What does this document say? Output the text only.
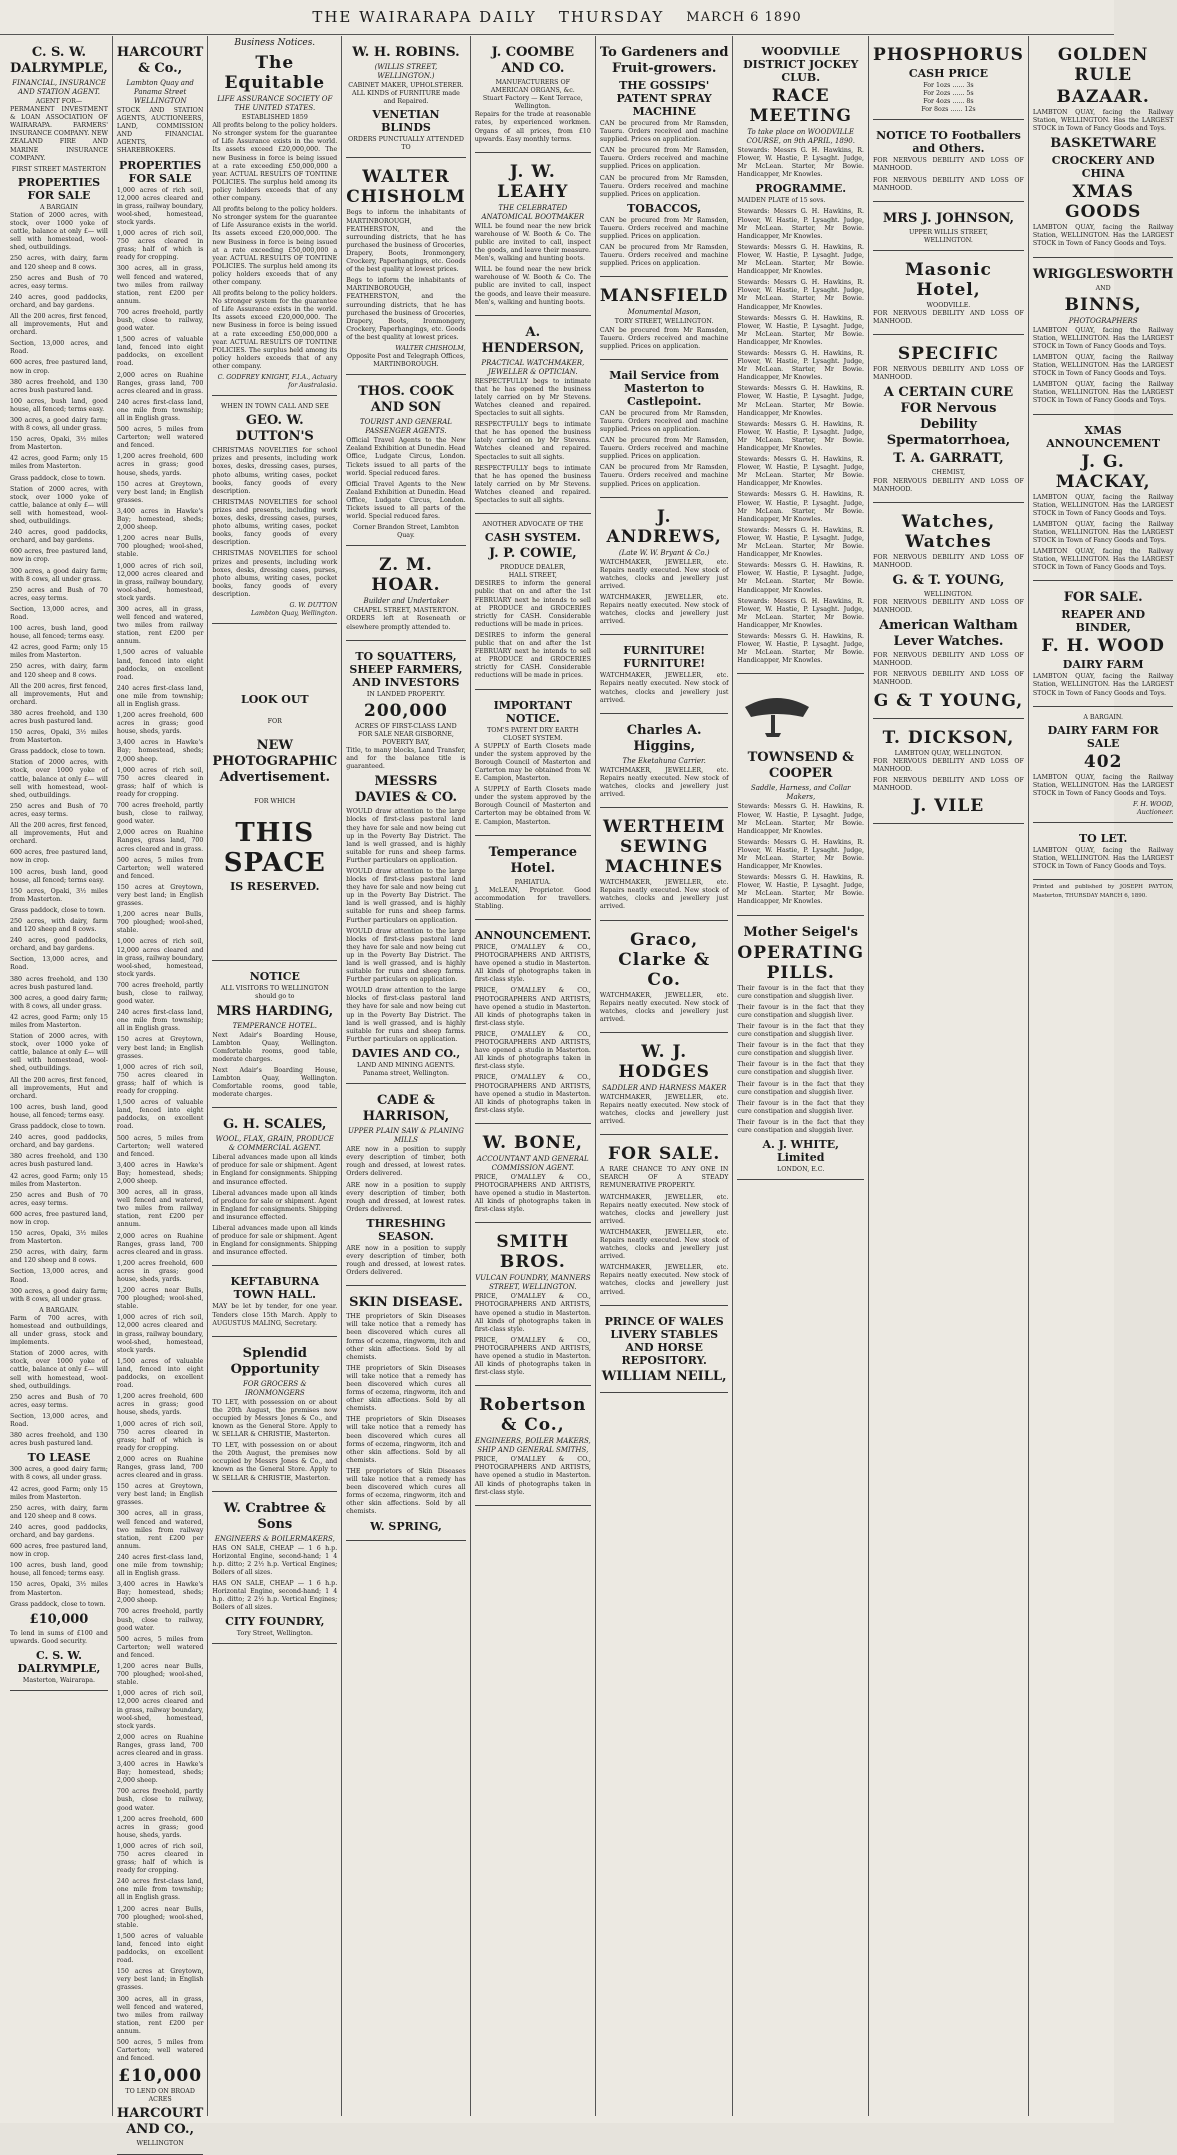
THE WAIRARAPA DAILY THURSDAY MARCH 6 1890
C. S. W. DALRYMPLE,
FINANCIAL, INSURANCE AND STATION AGENT.
AGENT FOR—

PERMANENT INVESTMENT & LOAN ASSOCIATION OF WAIRARAPA. FARMERS' INSURANCE COMPANY. NEW ZEALAND FIRE AND MARINE INSURANCE COMPANY.

FIRST STREET MASTERTON
PROPERTIES FOR SALE
A BARGAIN

Station of 2000 acres, with stock, over 1000 yoke of cattle, balance at only £— will sell with homestead, wool-shed, outbuildings.

250 acres, with dairy, farm and 120 sheep and 8 cows.

250 acres and Bush of 70 acres, easy terms.

240 acres, good paddocks, orchard, and bay gardens.

All the 200 acres, first fenced, all improvements, Hut and orchard.

Section, 13,000 acres, and Road.

600 acres, free pastured land, now in crop.

380 acres freehold, and 130 acres bush pastured land.

100 acres, bush land, good house, all fenced; terms easy.

300 acres, a good dairy farm; with 8 cows, all under grass.

150 acres, Opaki, 3½ miles from Masterton.

42 acres, good Farm; only 15 miles from Masterton.

Grass paddock, close to town.

Station of 2000 acres, with stock, over 1000 yoke of cattle, balance at only £— will sell with homestead, wool-shed, outbuildings.

240 acres, good paddocks, orchard, and bay gardens.

600 acres, free pastured land, now in crop.

300 acres, a good dairy farm; with 8 cows, all under grass.

250 acres and Bush of 70 acres, easy terms.

Section, 13,000 acres, and Road.

100 acres, bush land, good house, all fenced; terms easy.

42 acres, good Farm; only 15 miles from Masterton.

250 acres, with dairy, farm and 120 sheep and 8 cows.

All the 200 acres, first fenced, all improvements, Hut and orchard.

380 acres freehold, and 130 acres bush pastured land.

150 acres, Opaki, 3½ miles from Masterton.

Grass paddock, close to town.

Station of 2000 acres, with stock, over 1000 yoke of cattle, balance at only £— will sell with homestead, wool-shed, outbuildings.

250 acres and Bush of 70 acres, easy terms.

All the 200 acres, first fenced, all improvements, Hut and orchard.

600 acres, free pastured land, now in crop.

100 acres, bush land, good house, all fenced; terms easy.

150 acres, Opaki, 3½ miles from Masterton.

Grass paddock, close to town.

250 acres, with dairy, farm and 120 sheep and 8 cows.

240 acres, good paddocks, orchard, and bay gardens.

Section, 13,000 acres, and Road.

380 acres freehold, and 130 acres bush pastured land.

300 acres, a good dairy farm; with 8 cows, all under grass.

42 acres, good Farm; only 15 miles from Masterton.

Station of 2000 acres, with stock, over 1000 yoke of cattle, balance at only £— will sell with homestead, wool-shed, outbuildings.

All the 200 acres, first fenced, all improvements, Hut and orchard.

100 acres, bush land, good house, all fenced; terms easy.

Grass paddock, close to town.

240 acres, good paddocks, orchard, and bay gardens.

380 acres freehold, and 130 acres bush pastured land.

42 acres, good Farm; only 15 miles from Masterton.

250 acres and Bush of 70 acres, easy terms.

600 acres, free pastured land, now in crop.

150 acres, Opaki, 3½ miles from Masterton.

250 acres, with dairy, farm and 120 sheep and 8 cows.

Section, 13,000 acres, and Road.

300 acres, a good dairy farm; with 8 cows, all under grass.

A BARGAIN.

Farm of 700 acres, with homestead and outbuildings, all under grass, stock and implements.

Station of 2000 acres, with stock, over 1000 yoke of cattle, balance at only £— will sell with homestead, wool-shed, outbuildings.

250 acres and Bush of 70 acres, easy terms.

Section, 13,000 acres, and Road.

380 acres freehold, and 130 acres bush pastured land.

TO LEASE

300 acres, a good dairy farm; with 8 cows, all under grass.

42 acres, good Farm; only 15 miles from Masterton.

250 acres, with dairy, farm and 120 sheep and 8 cows.

240 acres, good paddocks, orchard, and bay gardens.

600 acres, free pastured land, now in crop.

100 acres, bush land, good house, all fenced; terms easy.

150 acres, Opaki, 3½ miles from Masterton.

Grass paddock, close to town.

£10,000

To lend in sums of £100 and upwards. Good security.

C. S. W. DALRYMPLE,
Masterton, Wairarapa.
HARCOURT & Co.,
Lambton Quay and Panama Street WELLINGTON

STOCK AND STATION AGENTS, AUCTIONEERS, LAND, COMMISSION AND FINANCIAL AGENTS, SHAREBROKERS.

PROPERTIES FOR SALE

1,000 acres of rich soil, 12,000 acres cleared and in grass, railway boundary, wool-shed, homestead, stock yards.

1,000 acres of rich soil, 750 acres cleared in grass; half of which is ready for cropping.

300 acres, all in grass, well fenced and watered, two miles from railway station, rent £200 per annum.

700 acres freehold, partly bush, close to railway, good water.

1,500 acres of valuable land, fenced into eight paddocks, on excellent road.

2,000 acres on Ruahine Ranges, grass land, 700 acres cleared and in grass.

240 acres first-class land, one mile from township; all in English grass.

500 acres, 5 miles from Carterton; well watered and fenced.

1,200 acres freehold, 600 acres in grass; good house, sheds, yards.

150 acres at Greytown, very best land; in English grasses.

3,400 acres in Hawke's Bay; homestead, sheds; 2,000 sheep.

1,200 acres near Bulls, 700 ploughed; wool-shed, stable.

1,000 acres of rich soil, 12,000 acres cleared and in grass, railway boundary, wool-shed, homestead, stock yards.

300 acres, all in grass, well fenced and watered, two miles from railway station, rent £200 per annum.

1,500 acres of valuable land, fenced into eight paddocks, on excellent road.

240 acres first-class land, one mile from township; all in English grass.

1,200 acres freehold, 600 acres in grass; good house, sheds, yards.

3,400 acres in Hawke's Bay; homestead, sheds; 2,000 sheep.

1,000 acres of rich soil, 750 acres cleared in grass; half of which is ready for cropping.

700 acres freehold, partly bush, close to railway, good water.

2,000 acres on Ruahine Ranges, grass land, 700 acres cleared and in grass.

500 acres, 5 miles from Carterton; well watered and fenced.

150 acres at Greytown, very best land; in English grasses.

1,200 acres near Bulls, 700 ploughed; wool-shed, stable.

1,000 acres of rich soil, 12,000 acres cleared and in grass, railway boundary, wool-shed, homestead, stock yards.

700 acres freehold, partly bush, close to railway, good water.

240 acres first-class land, one mile from township; all in English grass.

150 acres at Greytown, very best land; in English grasses.

1,000 acres of rich soil, 750 acres cleared in grass; half of which is ready for cropping.

1,500 acres of valuable land, fenced into eight paddocks, on excellent road.

500 acres, 5 miles from Carterton; well watered and fenced.

3,400 acres in Hawke's Bay; homestead, sheds; 2,000 sheep.

300 acres, all in grass, well fenced and watered, two miles from railway station, rent £200 per annum.

2,000 acres on Ruahine Ranges, grass land, 700 acres cleared and in grass.

1,200 acres freehold, 600 acres in grass; good house, sheds, yards.

1,200 acres near Bulls, 700 ploughed; wool-shed, stable.

1,000 acres of rich soil, 12,000 acres cleared and in grass, railway boundary, wool-shed, homestead, stock yards.

1,500 acres of valuable land, fenced into eight paddocks, on excellent road.

1,200 acres freehold, 600 acres in grass; good house, sheds, yards.

1,000 acres of rich soil, 750 acres cleared in grass; half of which is ready for cropping.

2,000 acres on Ruahine Ranges, grass land, 700 acres cleared and in grass.

150 acres at Greytown, very best land; in English grasses.

300 acres, all in grass, well fenced and watered, two miles from railway station, rent £200 per annum.

240 acres first-class land, one mile from township; all in English grass.

3,400 acres in Hawke's Bay; homestead, sheds; 2,000 sheep.

700 acres freehold, partly bush, close to railway, good water.

500 acres, 5 miles from Carterton; well watered and fenced.

1,200 acres near Bulls, 700 ploughed; wool-shed, stable.

1,000 acres of rich soil, 12,000 acres cleared and in grass, railway boundary, wool-shed, homestead, stock yards.

2,000 acres on Ruahine Ranges, grass land, 700 acres cleared and in grass.

3,400 acres in Hawke's Bay; homestead, sheds; 2,000 sheep.

700 acres freehold, partly bush, close to railway, good water.

1,200 acres freehold, 600 acres in grass; good house, sheds, yards.

1,000 acres of rich soil, 750 acres cleared in grass; half of which is ready for cropping.

240 acres first-class land, one mile from township; all in English grass.

1,200 acres near Bulls, 700 ploughed; wool-shed, stable.

1,500 acres of valuable land, fenced into eight paddocks, on excellent road.

150 acres at Greytown, very best land; in English grasses.

300 acres, all in grass, well fenced and watered, two miles from railway station, rent £200 per annum.

500 acres, 5 miles from Carterton; well watered and fenced.

£10,000
TO LEND ON BROAD ACRES
HARCOURT AND CO.,
WELLINGTON
Business Notices.
The Equitable
LIFE ASSURANCE SOCIETY OF THE UNITED STATES.
ESTABLISHED 1859

All profits belong to the policy holders. No stronger system for the guarantee of Life Assurance exists in the world. Its assets exceed £20,000,000. The new Business in force is being issued at a rate exceeding £50,000,000 a year. ACTUAL RESULTS OF TONTINE POLICIES. The surplus held among its policy holders exceeds that of any other company.

All profits belong to the policy holders. No stronger system for the guarantee of Life Assurance exists in the world. Its assets exceed £20,000,000. The new Business in force is being issued at a rate exceeding £50,000,000 a year. ACTUAL RESULTS OF TONTINE POLICIES. The surplus held among its policy holders exceeds that of any other company.

All profits belong to the policy holders. No stronger system for the guarantee of Life Assurance exists in the world. Its assets exceed £20,000,000. The new Business in force is being issued at a rate exceeding £50,000,000 a year. ACTUAL RESULTS OF TONTINE POLICIES. The surplus held among its policy holders exceeds that of any other company.

C. GODFREY KNIGHT, F.I.A., Actuary for Australasia.
WHEN IN TOWN CALL AND SEE
GEO. W. DUTTON'S

CHRISTMAS NOVELTIES for school prizes and presents, including work boxes, desks, dressing cases, purses, photo albums, writing cases, pocket books, fancy goods of every description.

CHRISTMAS NOVELTIES for school prizes and presents, including work boxes, desks, dressing cases, purses, photo albums, writing cases, pocket books, fancy goods of every description.

CHRISTMAS NOVELTIES for school prizes and presents, including work boxes, desks, dressing cases, purses, photo albums, writing cases, pocket books, fancy goods of every description.

G. W. DUTTON
Lambton Quay, Wellington.
LOOK OUT
FOR
NEW PHOTOGRAPHIC Advertisement.
FOR WHICH
THIS SPACE
IS RESERVED.
NOTICE
ALL VISITORS TO WELLINGTON should go to
MRS HARDING,
TEMPERANCE HOTEL.

Next Adair's Boarding House, Lambton Quay, Wellington. Comfortable rooms, good table, moderate charges.

Next Adair's Boarding House, Lambton Quay, Wellington. Comfortable rooms, good table, moderate charges.

G. H. SCALES,
WOOL, FLAX, GRAIN, PRODUCE & COMMERCIAL AGENT.

Liberal advances made upon all kinds of produce for sale or shipment. Agent in England for consignments. Shipping and insurance effected.

Liberal advances made upon all kinds of produce for sale or shipment. Agent in England for consignments. Shipping and insurance effected.

Liberal advances made upon all kinds of produce for sale or shipment. Agent in England for consignments. Shipping and insurance effected.

KEFTABURNA TOWN HALL.

MAY be let by tender, for one year. Tenders close 15th March. Apply to AUGUSTUS MALING, Secretary.

Splendid Opportunity
FOR GROCERS & IRONMONGERS

TO LET, with possession on or about the 20th August, the premises now occupied by Messrs Jones & Co., and known as the General Store. Apply to W. SELLAR & CHRISTIE, Masterton.

TO LET, with possession on or about the 20th August, the premises now occupied by Messrs Jones & Co., and known as the General Store. Apply to W. SELLAR & CHRISTIE, Masterton.

W. Crabtree & Sons
ENGINEERS & BOILERMAKERS,

HAS ON SALE, CHEAP — 1 6 h.p. Horizontal Engine, second-hand; 1 4 h.p. ditto; 2 2½ h.p. Vertical Engines; Boilers of all sizes.

HAS ON SALE, CHEAP — 1 6 h.p. Horizontal Engine, second-hand; 1 4 h.p. ditto; 2 2½ h.p. Vertical Engines; Boilers of all sizes.

CITY FOUNDRY,
Tory Street, Wellington.
W. H. ROBINS.
(WILLIS STREET, WELLINGTON.)
CABINET MAKER, UPHOLSTERER.
ALL KINDS of FURNITURE made and Repaired.
VENETIAN BLINDS
ORDERS PUNCTUALLY ATTENDED TO
WALTER CHISHOLM

Begs to inform the inhabitants of MARTINBOROUGH, FEATHERSTON, and the surrounding districts, that he has purchased the business of Groceries, Drapery, Boots, Ironmongery, Crockery, Paperhangings, etc. Goods of the best quality at lowest prices.

Begs to inform the inhabitants of MARTINBOROUGH, FEATHERSTON, and the surrounding districts, that he has purchased the business of Groceries, Drapery, Boots, Ironmongery, Crockery, Paperhangings, etc. Goods of the best quality at lowest prices.

WALTER CHISHOLM,
Opposite Post and Telegraph Offices, MARTINBOROUGH.
THOS. COOK AND SON
TOURIST AND GENERAL PASSENGER AGENTS.

Official Travel Agents to the New Zealand Exhibition at Dunedin. Head Office, Ludgate Circus, London. Tickets issued to all parts of the world. Special reduced fares.

Official Travel Agents to the New Zealand Exhibition at Dunedin. Head Office, Ludgate Circus, London. Tickets issued to all parts of the world. Special reduced fares.

Corner Brandon Street, Lambton Quay.
Z. M. HOAR.
Builder and Undertaker
CHAPEL STREET, MASTERTON.

ORDERS left at Roseneath or elsewhere promptly attended to.

TO SQUATTERS, SHEEP FARMERS, AND INVESTORS
IN LANDED PROPERTY.
200,000
ACRES OF FIRST-CLASS LAND
FOR SALE NEAR GISBORNE, POVERTY BAY,

Title, to many blocks, Land Transfer, and for the balance title is guaranteed.

MESSRS DAVIES & CO.

WOULD draw attention to the large blocks of first-class pastoral land they have for sale and now being cut up in the Poverty Bay District. The land is well grassed, and is highly suitable for runs and sheep farms. Further particulars on application.

WOULD draw attention to the large blocks of first-class pastoral land they have for sale and now being cut up in the Poverty Bay District. The land is well grassed, and is highly suitable for runs and sheep farms. Further particulars on application.

WOULD draw attention to the large blocks of first-class pastoral land they have for sale and now being cut up in the Poverty Bay District. The land is well grassed, and is highly suitable for runs and sheep farms. Further particulars on application.

WOULD draw attention to the large blocks of first-class pastoral land they have for sale and now being cut up in the Poverty Bay District. The land is well grassed, and is highly suitable for runs and sheep farms. Further particulars on application.

DAVIES AND CO.,
LAND AND MINING AGENTS.
Panama street, Wellington.
CADE & HARRISON,
UPPER PLAIN SAW & PLANING MILLS

ARE now in a position to supply every description of timber, both rough and dressed, at lowest rates. Orders delivered.

ARE now in a position to supply every description of timber, both rough and dressed, at lowest rates. Orders delivered.

THRESHING SEASON.

ARE now in a position to supply every description of timber, both rough and dressed, at lowest rates. Orders delivered.

SKIN DISEASE.

THE proprietors of Skin Diseases will take notice that a remedy has been discovered which cures all forms of eczema, ringworm, itch and other skin affections. Sold by all chemists.

THE proprietors of Skin Diseases will take notice that a remedy has been discovered which cures all forms of eczema, ringworm, itch and other skin affections. Sold by all chemists.

THE proprietors of Skin Diseases will take notice that a remedy has been discovered which cures all forms of eczema, ringworm, itch and other skin affections. Sold by all chemists.

THE proprietors of Skin Diseases will take notice that a remedy has been discovered which cures all forms of eczema, ringworm, itch and other skin affections. Sold by all chemists.

W. SPRING,
J. COOMBE AND CO.
MANUFACTURERS OF
AMERICAN ORGANS, &c.
Stuart Factory — Kent Terrace, Wellington.

Repairs for the trade at reasonable rates, by experienced workmen. Organs of all prices, from £10 upwards. Easy monthly terms.

J. W. LEAHY
THE CELEBRATED ANATOMICAL BOOTMAKER

WILL be found near the new brick warehouse of W. Booth & Co. The public are invited to call, inspect the goods, and leave their measure. Men's, walking and hunting boots.

WILL be found near the new brick warehouse of W. Booth & Co. The public are invited to call, inspect the goods, and leave their measure. Men's, walking and hunting boots.

A. HENDERSON,
PRACTICAL WATCHMAKER, JEWELLER & OPTICIAN.

RESPECTFULLY begs to intimate that he has opened the business lately carried on by Mr Stevens. Watches cleaned and repaired. Spectacles to suit all sights.

RESPECTFULLY begs to intimate that he has opened the business lately carried on by Mr Stevens. Watches cleaned and repaired. Spectacles to suit all sights.

RESPECTFULLY begs to intimate that he has opened the business lately carried on by Mr Stevens. Watches cleaned and repaired. Spectacles to suit all sights.

ANOTHER ADVOCATE OF THE
CASH SYSTEM.
J. P. COWIE,
PRODUCE DEALER,
HALL STREET,

DESIRES to inform the general public that on and after the 1st FEBRUARY next he intends to sell at PRODUCE and GROCERIES strictly for CASH. Considerable reductions will be made in prices.

DESIRES to inform the general public that on and after the 1st FEBRUARY next he intends to sell at PRODUCE and GROCERIES strictly for CASH. Considerable reductions will be made in prices.

IMPORTANT NOTICE.
TOM'S PATENT DRY EARTH CLOSET SYSTEM.

A SUPPLY of Earth Closets made under the system approved by the Borough Council of Masterton and Carterton may be obtained from W. E. Campion, Masterton.

A SUPPLY of Earth Closets made under the system approved by the Borough Council of Masterton and Carterton may be obtained from W. E. Campion, Masterton.

Temperance Hotel.
PAHIATUA.

J. McLEAN, Proprietor. Good accommodation for travellers. Stabling.

ANNOUNCEMENT.

PRICE, O'MALLEY & CO., PHOTOGRAPHERS AND ARTISTS, have opened a studio in Masterton. All kinds of photographs taken in first-class style.

PRICE, O'MALLEY & CO., PHOTOGRAPHERS AND ARTISTS, have opened a studio in Masterton. All kinds of photographs taken in first-class style.

PRICE, O'MALLEY & CO., PHOTOGRAPHERS AND ARTISTS, have opened a studio in Masterton. All kinds of photographs taken in first-class style.

PRICE, O'MALLEY & CO., PHOTOGRAPHERS AND ARTISTS, have opened a studio in Masterton. All kinds of photographs taken in first-class style.

W. BONE,
ACCOUNTANT AND GENERAL COMMISSION AGENT.

PRICE, O'MALLEY & CO., PHOTOGRAPHERS AND ARTISTS, have opened a studio in Masterton. All kinds of photographs taken in first-class style.

SMITH BROS.
VULCAN FOUNDRY, MANNERS STREET, WELLINGTON.

PRICE, O'MALLEY & CO., PHOTOGRAPHERS AND ARTISTS, have opened a studio in Masterton. All kinds of photographs taken in first-class style.

PRICE, O'MALLEY & CO., PHOTOGRAPHERS AND ARTISTS, have opened a studio in Masterton. All kinds of photographs taken in first-class style.

Robertson & Co.,
ENGINEERS, BOILER MAKERS, SHIP AND GENERAL SMITHS,

PRICE, O'MALLEY & CO., PHOTOGRAPHERS AND ARTISTS, have opened a studio in Masterton. All kinds of photographs taken in first-class style.

To Gardeners and Fruit-growers.
THE GOSSIPS' PATENT SPRAY MACHINE

CAN be procured from Mr Ramsden, Taueru. Orders received and machine supplied. Prices on application.

CAN be procured from Mr Ramsden, Taueru. Orders received and machine supplied. Prices on application.

CAN be procured from Mr Ramsden, Taueru. Orders received and machine supplied. Prices on application.

TOBACCOS,

CAN be procured from Mr Ramsden, Taueru. Orders received and machine supplied. Prices on application.

CAN be procured from Mr Ramsden, Taueru. Orders received and machine supplied. Prices on application.

MANSFIELD
Monumental Mason,
TORY STREET, WELLINGTON.

CAN be procured from Mr Ramsden, Taueru. Orders received and machine supplied. Prices on application.

Mail Service from Masterton to Castlepoint.

CAN be procured from Mr Ramsden, Taueru. Orders received and machine supplied. Prices on application.

CAN be procured from Mr Ramsden, Taueru. Orders received and machine supplied. Prices on application.

CAN be procured from Mr Ramsden, Taueru. Orders received and machine supplied. Prices on application.

J. ANDREWS,
(Late W. W. Bryant & Co.)

WATCHMAKER, JEWELLER, etc. Repairs neatly executed. New stock of watches, clocks and jewellery just arrived.

WATCHMAKER, JEWELLER, etc. Repairs neatly executed. New stock of watches, clocks and jewellery just arrived.

FURNITURE! FURNITURE!

WATCHMAKER, JEWELLER, etc. Repairs neatly executed. New stock of watches, clocks and jewellery just arrived.

Charles A. Higgins,
The Eketahuna Carrier.

WATCHMAKER, JEWELLER, etc. Repairs neatly executed. New stock of watches, clocks and jewellery just arrived.

WERTHEIM SEWING MACHINES

WATCHMAKER, JEWELLER, etc. Repairs neatly executed. New stock of watches, clocks and jewellery just arrived.

Graco, Clarke & Co.

WATCHMAKER, JEWELLER, etc. Repairs neatly executed. New stock of watches, clocks and jewellery just arrived.

W. J. HODGES
SADDLER AND HARNESS MAKER

WATCHMAKER, JEWELLER, etc. Repairs neatly executed. New stock of watches, clocks and jewellery just arrived.

FOR SALE.

A RARE CHANCE TO ANY ONE IN SEARCH OF A STEADY REMUNERATIVE PROPERTY.

WATCHMAKER, JEWELLER, etc. Repairs neatly executed. New stock of watches, clocks and jewellery just arrived.

WATCHMAKER, JEWELLER, etc. Repairs neatly executed. New stock of watches, clocks and jewellery just arrived.

WATCHMAKER, JEWELLER, etc. Repairs neatly executed. New stock of watches, clocks and jewellery just arrived.

PRINCE OF WALES LIVERY STABLES AND HORSE REPOSITORY.
WILLIAM NEILL,
WOODVILLE DISTRICT JOCKEY CLUB.
RACE MEETING
To take place on WOODVILLE COURSE, on 9th APRIL, 1890.

Stewards: Messrs G. H. Hawkins, R. Flower, W. Hastie, P. Lysaght. Judge, Mr McLean. Starter, Mr Bowie. Handicapper, Mr Knowles.

PROGRAMME.

MAIDEN PLATE of 15 sovs.

Stewards: Messrs G. H. Hawkins, R. Flower, W. Hastie, P. Lysaght. Judge, Mr McLean. Starter, Mr Bowie. Handicapper, Mr Knowles.

Stewards: Messrs G. H. Hawkins, R. Flower, W. Hastie, P. Lysaght. Judge, Mr McLean. Starter, Mr Bowie. Handicapper, Mr Knowles.

Stewards: Messrs G. H. Hawkins, R. Flower, W. Hastie, P. Lysaght. Judge, Mr McLean. Starter, Mr Bowie. Handicapper, Mr Knowles.

Stewards: Messrs G. H. Hawkins, R. Flower, W. Hastie, P. Lysaght. Judge, Mr McLean. Starter, Mr Bowie. Handicapper, Mr Knowles.

Stewards: Messrs G. H. Hawkins, R. Flower, W. Hastie, P. Lysaght. Judge, Mr McLean. Starter, Mr Bowie. Handicapper, Mr Knowles.

Stewards: Messrs G. H. Hawkins, R. Flower, W. Hastie, P. Lysaght. Judge, Mr McLean. Starter, Mr Bowie. Handicapper, Mr Knowles.

Stewards: Messrs G. H. Hawkins, R. Flower, W. Hastie, P. Lysaght. Judge, Mr McLean. Starter, Mr Bowie. Handicapper, Mr Knowles.

Stewards: Messrs G. H. Hawkins, R. Flower, W. Hastie, P. Lysaght. Judge, Mr McLean. Starter, Mr Bowie. Handicapper, Mr Knowles.

Stewards: Messrs G. H. Hawkins, R. Flower, W. Hastie, P. Lysaght. Judge, Mr McLean. Starter, Mr Bowie. Handicapper, Mr Knowles.

Stewards: Messrs G. H. Hawkins, R. Flower, W. Hastie, P. Lysaght. Judge, Mr McLean. Starter, Mr Bowie. Handicapper, Mr Knowles.

Stewards: Messrs G. H. Hawkins, R. Flower, W. Hastie, P. Lysaght. Judge, Mr McLean. Starter, Mr Bowie. Handicapper, Mr Knowles.

Stewards: Messrs G. H. Hawkins, R. Flower, W. Hastie, P. Lysaght. Judge, Mr McLean. Starter, Mr Bowie. Handicapper, Mr Knowles.

Stewards: Messrs G. H. Hawkins, R. Flower, W. Hastie, P. Lysaght. Judge, Mr McLean. Starter, Mr Bowie. Handicapper, Mr Knowles.

TOWNSEND & COOPER
Saddle, Harness, and Collar Makers,

Stewards: Messrs G. H. Hawkins, R. Flower, W. Hastie, P. Lysaght. Judge, Mr McLean. Starter, Mr Bowie. Handicapper, Mr Knowles.

Stewards: Messrs G. H. Hawkins, R. Flower, W. Hastie, P. Lysaght. Judge, Mr McLean. Starter, Mr Bowie. Handicapper, Mr Knowles.

Stewards: Messrs G. H. Hawkins, R. Flower, W. Hastie, P. Lysaght. Judge, Mr McLean. Starter, Mr Bowie. Handicapper, Mr Knowles.

Mother Seigel's
OPERATING PILLS.

Their favour is in the fact that they cure constipation and sluggish liver.

Their favour is in the fact that they cure constipation and sluggish liver.

Their favour is in the fact that they cure constipation and sluggish liver.

Their favour is in the fact that they cure constipation and sluggish liver.

Their favour is in the fact that they cure constipation and sluggish liver.

Their favour is in the fact that they cure constipation and sluggish liver.

Their favour is in the fact that they cure constipation and sluggish liver.

Their favour is in the fact that they cure constipation and sluggish liver.

A. J. WHITE, Limited
LONDON, E.C.
PHOSPHORUS
CASH PRICE
For 1ozs ...... 3s
For 2ozs ...... 5s
For 4ozs ...... 8s
For 8ozs ...... 12s
NOTICE TO Footballers and Others.

FOR NERVOUS DEBILITY AND LOSS OF MANHOOD.

FOR NERVOUS DEBILITY AND LOSS OF MANHOOD.

MRS J. JOHNSON,
UPPER WILLIS STREET,
WELLINGTON.
Masonic Hotel,
WOODVILLE.

FOR NERVOUS DEBILITY AND LOSS OF MANHOOD.

SPECIFIC

FOR NERVOUS DEBILITY AND LOSS OF MANHOOD.

A CERTAIN CURE FOR Nervous Debility Spermatorrhoea,
T. A. GARRATT,
CHEMIST,

FOR NERVOUS DEBILITY AND LOSS OF MANHOOD.

Watches, Watches

FOR NERVOUS DEBILITY AND LOSS OF MANHOOD.

G. & T. YOUNG,
WELLINGTON.

FOR NERVOUS DEBILITY AND LOSS OF MANHOOD.

American Waltham Lever Watches.

FOR NERVOUS DEBILITY AND LOSS OF MANHOOD.

FOR NERVOUS DEBILITY AND LOSS OF MANHOOD.

G & T YOUNG,
T. DICKSON,
LAMBTON QUAY, WELLINGTON.

FOR NERVOUS DEBILITY AND LOSS OF MANHOOD.

FOR NERVOUS DEBILITY AND LOSS OF MANHOOD.

J. VILE
GOLDEN RULE
BAZAAR.

LAMBTON QUAY, facing the Railway Station, WELLINGTON. Has the LARGEST STOCK in Town of Fancy Goods and Toys.

BASKETWARE
CROCKERY AND CHINA
XMAS GOODS

LAMBTON QUAY, facing the Railway Station, WELLINGTON. Has the LARGEST STOCK in Town of Fancy Goods and Toys.

WRIGGLESWORTH
AND
BINNS,
PHOTOGRAPHERS

LAMBTON QUAY, facing the Railway Station, WELLINGTON. Has the LARGEST STOCK in Town of Fancy Goods and Toys.

LAMBTON QUAY, facing the Railway Station, WELLINGTON. Has the LARGEST STOCK in Town of Fancy Goods and Toys.

LAMBTON QUAY, facing the Railway Station, WELLINGTON. Has the LARGEST STOCK in Town of Fancy Goods and Toys.

XMAS ANNOUNCEMENT
J. G. MACKAY,

LAMBTON QUAY, facing the Railway Station, WELLINGTON. Has the LARGEST STOCK in Town of Fancy Goods and Toys.

LAMBTON QUAY, facing the Railway Station, WELLINGTON. Has the LARGEST STOCK in Town of Fancy Goods and Toys.

LAMBTON QUAY, facing the Railway Station, WELLINGTON. Has the LARGEST STOCK in Town of Fancy Goods and Toys.

FOR SALE.
REAPER AND BINDER,
F. H. WOOD
DAIRY FARM

LAMBTON QUAY, facing the Railway Station, WELLINGTON. Has the LARGEST STOCK in Town of Fancy Goods and Toys.

A BARGAIN.
DAIRY FARM FOR SALE
402

LAMBTON QUAY, facing the Railway Station, WELLINGTON. Has the LARGEST STOCK in Town of Fancy Goods and Toys.

F. H. WOOD,
Auctioneer.
TO LET.

LAMBTON QUAY, facing the Railway Station, WELLINGTON. Has the LARGEST STOCK in Town of Fancy Goods and Toys.

Printed and published by JOSEPH PAYTON, Masterton, THURSDAY MARCH 6, 1890.
